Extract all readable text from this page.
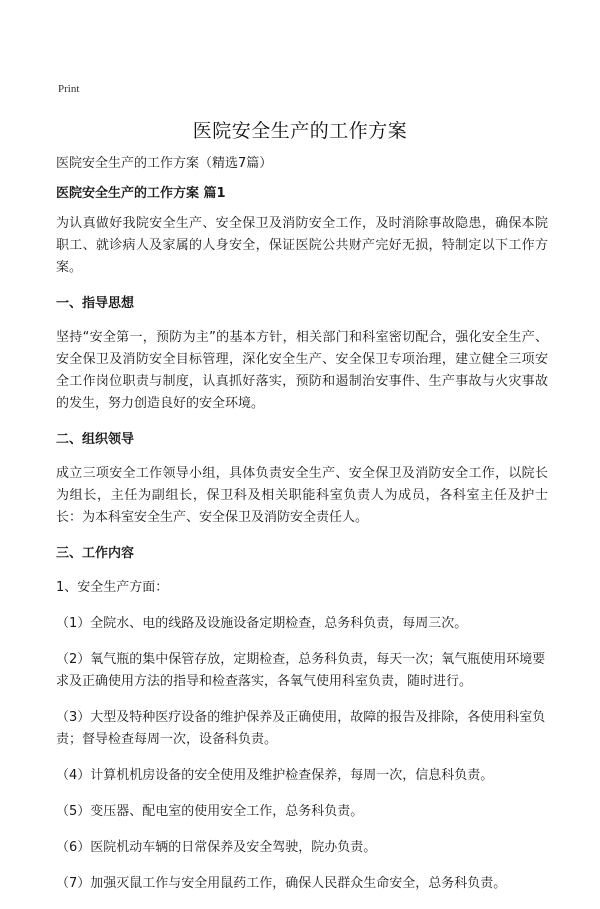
Print
医院安全生产的工作方案

医院安全生产的工作方案（精选7篇）

医院安全生产的工作方案 篇1

为认真做好我院安全生产、安全保卫及消防安全工作，及时消除事故隐患，确保本院职工、就诊病人及家属的人身安全，保证医院公共财产完好无损，特制定以下工作方案。

一、指导思想

坚持“安全第一，预防为主”的基本方针，相关部门和科室密切配合，强化安全生产、安全保卫及消防安全目标管理，深化安全生产、安全保卫专项治理，建立健全三项安全工作岗位职责与制度，认真抓好落实，预防和遏制治安事件、生产事故与火灾事故的发生，努力创造良好的安全环境。

二、组织领导

成立三项安全工作领导小组，具体负责安全生产、安全保卫及消防安全工作，以院长为组长，主任为副组长，保卫科及相关职能科室负责人为成员，各科室主任及护士长：为本科室安全生产、安全保卫及消防安全责任人。

三、工作内容

1、安全生产方面：

（1）全院水、电的线路及设施设备定期检查，总务科负责，每周三次。

（2）氧气瓶的集中保管存放，定期检查，总务科负责，每天一次；氧气瓶使用环境要求及正确使用方法的指导和检查落实，各氧气使用科室负责，随时进行。

（3）大型及特种医疗设备的维护保养及正确使用，故障的报告及排除，各使用科室负责；督导检查每周一次，设备科负责。

（4）计算机机房设备的安全使用及维护检查保养，每周一次，信息科负责。

（5）变压器、配电室的使用安全工作，总务科负责。

（6）医院机动车辆的日常保养及安全驾驶，院办负责。

（7）加强灭鼠工作与安全用鼠药工作，确保人民群众生命安全，总务科负责。
